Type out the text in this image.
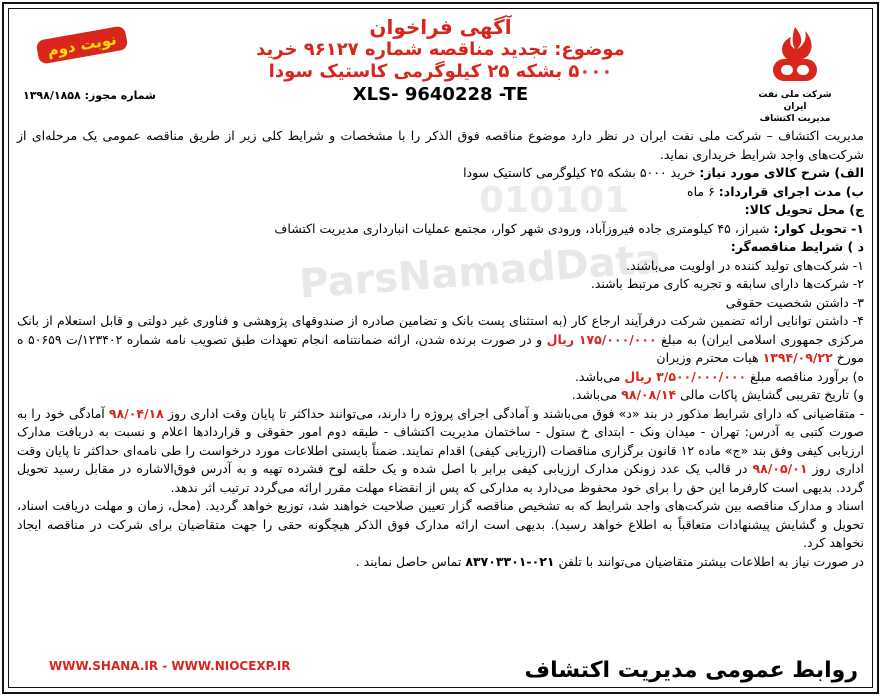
شرکت ملی نفت ایران
مدیریت اکتشاف
آگهی فراخوان
موضوع: تجدید مناقصه شماره ۹۶۱۲۷ خرید
۵۰۰۰ بشکه ۲۵ کیلوگرمی کاستیک سودا
XLS- 9640228 -TE
نوبت دوم
شماره مجوز: ۱۳۹۸/۱۸۵۸
010101
ParsNamadData

مدیریت اکتشاف – شرکت ملی نفت ایران در نظر دارد موضوع مناقصه فوق الذکر را با مشخصات و شرایط کلی زیر از طریق مناقصه عمومی یک مرحله‌ای از شرکت‌های واجد شرایط خریداری نماید.

الف) شرح کالای مورد نیاز: خرید ۵۰۰۰ بشکه ۲۵ کیلوگرمی کاستیک سودا

ب) مدت اجرای قرارداد: ۶ ماه

ج) محل تحویل کالا:

۱- تحویل کوار: شیراز، ۴۵ کیلومتری جاده فیروزآباد، ورودی شهر کوار، مجتمع عملیات انبارداری مدیریت اکتشاف

د ) شرایط مناقصه‌گر:

۱- شرکت‌های تولید کننده در اولویت می‌باشند.

۲- شرکت‌ها دارای سابقه و تجربه کاری مرتبط باشند.

۳- داشتن شخصیت حقوقی

۴- داشتن توانایی ارائه تضمین شرکت درفرآیند ارجاع کار (به استثنای پست بانک و تضامین صادره از صندوقهای پژوهشی و فناوری غیر دولتی و قابل استعلام از بانک مرکزی جمهوری اسلامی ایران) به مبلغ ۱۷۵/۰۰۰/۰۰۰ ریال و در صورت برنده شدن، ارائه ضمانتنامه انجام تعهدات طبق تصویب نامه شماره ۱۲۳۴۰۲/ت ۵۰۶۵۹ ه مورخ ۱۳۹۴/۰۹/۲۲ هیات محترم وزیران

ه) برآورد مناقصه مبلغ ۳/۵۰۰/۰۰۰/۰۰۰ ریال می‌باشد.

و) تاریخ تقریبی گشایش پاکات مالی ۹۸/۰۸/۱۴ می‌باشد.

- متقاضیانی که دارای شرایط مذکور در بند «د» فوق می‌باشند و آمادگی اجرای پروژه را دارند، می‌توانند حداکثر تا پایان وقت اداری روز ۹۸/۰۴/۱۸ آمادگی خود را به صورت کتبی به آدرس: تهران - میدان ونک - ابتدای خ ستول - ساختمان مدیریت اکتشاف - طبقه دوم امور حقوقی و قراردادها اعلام و نسبت به دریافت مدارک ارزیابی کیفی وفق بند «ج» ماده ۱۲ قانون برگزاری مناقصات (ارزیابی کیفی) اقدام نمایند. ضمناً بایستی اطلاعات مورد درخواست را طی نامه‌ای حداکثر تا پایان وقت اداری روز ۹۸/۰۵/۰۱ در قالب یک عدد زونکن مدارک ارزیابی کیفی برابر با اصل شده و یک حلقه لوح فشرده تهیه و به آدرس فوق‌الاشاره در مقابل رسید تحویل گردد. بدیهی است کارفرما این حق را برای خود محفوظ می‌دارد به مدارکی که پس از انقضاء مهلت مقرر ارائه می‌گردد ترتیب اثر ندهد.

اسناد و مدارک مناقصه بین شرکت‌های واجد شرایط که به تشخیص مناقصه گزار تعیین صلاحیت خواهند شد، توزیع خواهد گردید. (محل، زمان و مهلت دریافت اسناد، تحویل و گشایش پیشنهادات متعاقباً به اطلاع خواهد رسید). بدیهی است ارائه مدارک فوق الذکر هیچگونه حقی را جهت متقاضیان برای شرکت در مناقصه ایجاد نخواهد کرد.

در صورت نیاز به اطلاعات بیشتر متقاضیان می‌توانند با تلفن ۰۲۱-۸۳۷۰۳۳۰۱ تماس حاصل نمایند .

WWW.SHANA.IR - WWW.NIOCEXP.IR	روابط عمومی مدیریت اکتشاف
